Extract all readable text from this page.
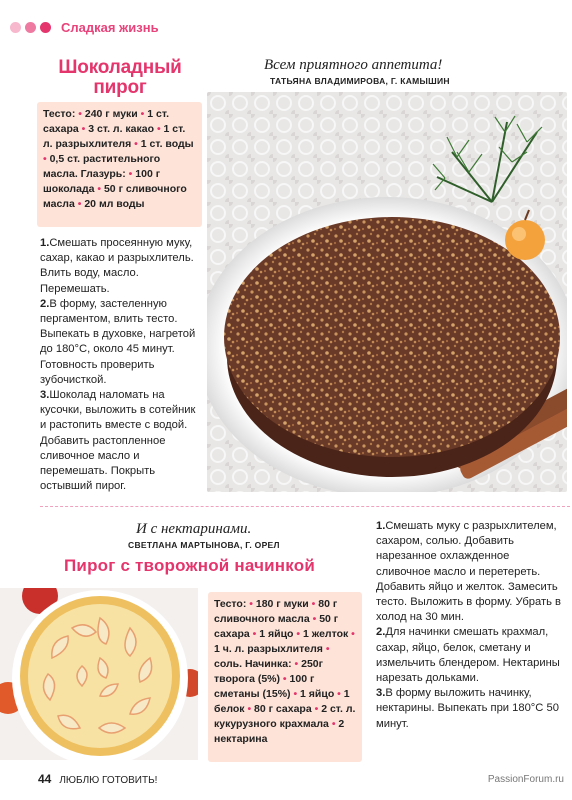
Сладкая жизнь
Шоколадный
пирог
Всем приятного аппетита!
ТАТЬЯНА ВЛАДИМИРОВА, Г. КАМЫШИН
Тесто: • 240 г муки • 1 ст. сахара • 3 ст. л. какао • 1 ст. л. разрыхлителя • 1 ст. воды • 0,5 ст. растительного масла. Глазурь: • 100 г шоколада • 50 г сливочного масла • 20 мл воды

1.Смешать просеянную муку, сахар, какао и разрыхлитель. Влить воду, масло. Перемешать.

2.В форму, застеленную пергаментом, влить тесто. Выпекать в духовке, нагретой до 180°С, около 45 минут. Готовность проверить зубочисткой.

3.Шоколад наломать на кусочки, выложить в сотейник и растопить вместе с водой. Добавить растопленное сливочное масло и перемешать. Покрыть остывший пирог.

И с нектаринами.
СВЕТЛАНА МАРТЫНОВА, Г. ОРЕЛ
Пирог с творожной начинкой
Тесто: • 180 г муки • 80 г сливочного масла • 50 г сахара • 1 яйцо • 1 желток • 1 ч. л. разрыхлителя • соль. Начинка: • 250г творога (5%) • 100 г сметаны (15%) • 1 яйцо • 1 белок • 80 г сахара • 2 ст. л. кукурузного крахмала • 2 нектарина

1.Смешать муку с разрыхлителем, сахаром, солью. Добавить нарезанное охлажденное сливочное масло и перетереть. Добавить яйцо и желток. Замесить тесто. Выложить в форму. Убрать в холод на 30 мин.

2.Для начинки смешать крахмал, сахар, яйцо, белок, сметану и измельчить блендером. Нектарины нарезать дольками.

3.В форму выложить начинку, нектарины. Выпекать при 180°С 50 минут.

44 ЛЮБЛЮ ГОТОВИТЬ!	PassionForum.ru
